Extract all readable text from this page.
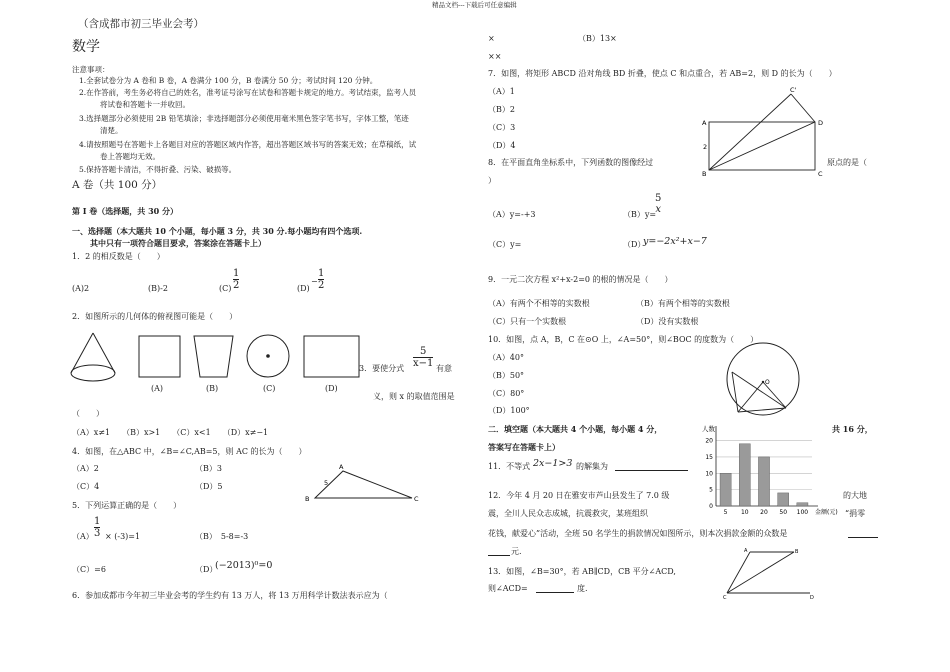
精品文档---下载后可任意编辑
（含成都市初三毕业会考）
数学
注意事项：
1.全套试卷分为 A 卷和 B 卷，A 卷满分 100 分，B 卷满分 50 分；考试时间 120 分钟。
2.在作答前，考生务必将自己的姓名，准考证号涂写在试卷和答题卡规定的地方。考试结束，监考人员
将试卷和答题卡一并收回。
3.选择题部分必须使用 2B 铅笔填涂；非选择题部分必须使用毫米黑色签字笔书写，字体工整，笔迹
清楚。
4.请按照题号在答题卡上各题目对应的答题区域内作答，超出答题区域书写的答案无效；在草稿纸，试
卷上答题均无效。
5.保持答题卡清洁，不得折叠、污染、破损等。
A 卷（共 100 分）
第 I 卷（选择题，共 30 分）
一、选择题（本大题共 10 个小题，每小题 3 分，共 30 分.每小题均有四个选项.
其中只有一项符合题目要求，答案涂在答题卡上）
1．2 的相反数是（　　）
(A)2	(B)-2	(C)
1
2	(D)
−
1
2
2．如图所示的几何体的俯视图可能是（　　）
(A)	(B)	(C)	(D)
3．要使分式
5
x−1 有意
义，则 x 的取值范围是
（　　）
（A）x≠1　　（B）x>1　　（C）x<1　　（D）x≠−1
4．如图，在△ABC 中，∠B=∠C,AB=5，则 AC 的长为（　　）
（A）2	（B）3
（C）4	（D）5
B
A
C
5
5．下列运算正确的是（　　）
（A）
1
3 × (-3)=1	（B）　5-8=-3
（C）=6	（D）
(−2013)⁰=0
6．参加成都市今年初三毕业会考的学生约有 13 万人，将 13 万用科学计数法表示应为（
×	（B）13×
××
7．如图，将矩形 ABCD 沿对角线 BD 折叠，使点 C 和点重合，若 AB=2，则 D 的长为（　　）
（A）1
（B）2
（C）3
（D）4
A
B	C
D
C'
2
8．在平面直角坐标系中，下列函数的图像经过	原点的是（
）
（A）y=-+3	（B）y=
5
x
（C）y=	（D）
y=−2x²+x−7
9．一元二次方程 x²+x-2=0 的根的情况是（　　）
（A）有两个不相等的实数根	（B）有两个相等的实数根
（C）只有一个实数根	（D）没有实数根
10．如图，点 A，B，C 在⊙O 上，∠A=50°，则∠BOC 的度数为（　　）
（A）40°
（B）50°
（C）80°
（D）100°
O
二．填空题（本大题共 4 个小题，每小题 4 分，	共 16 分，
答案写在答题卡上）
11．不等式 2x−1>3 的解集为
12．今年 4 月 20 日在雅安市芦山县发生了 7.0 级	的大地
震，全川人民众志成城，抗震救灾，某班组织	“捐零
花钱，献爱心”活动，全班 50 名学生的捐款情况如图所示，则本次捐款金额的众数是
元.
0
5
10
15
20
5 10 20 50 100
人数
金额(元)
13．如图，∠B=30°，若 AB∥CD，CB 平分∠ACD,
则∠ACD=	度.
A	B
C	D
